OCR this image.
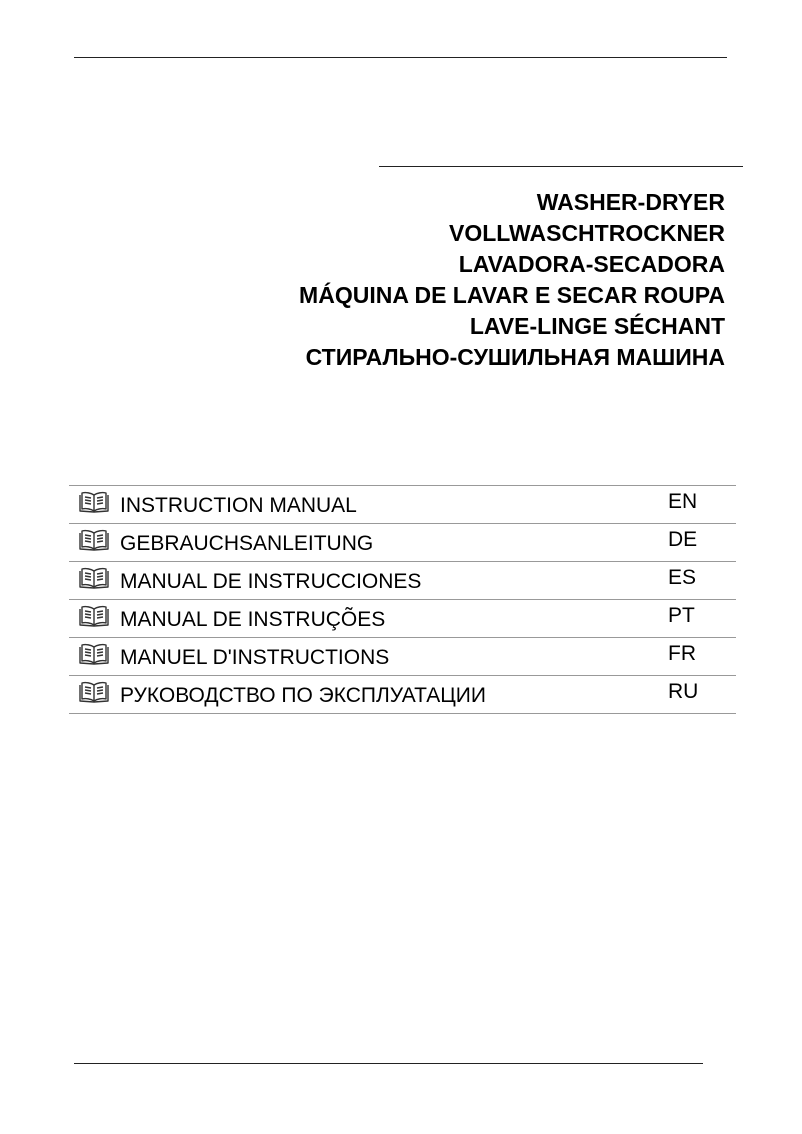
WASHER-DRYER
VOLLWASCHTROCKNER
LAVADORA-SECADORA
MÁQUINA DE LAVAR E SECAR ROUPA
LAVE-LINGE SÉCHANT
СТИРАЛЬНО-СУШИЛЬНАЯ МАШИНА
INSTRUCTION MANUAL	EN
GEBRAUCHSANLEITUNG	DE
MANUAL DE INSTRUCCIONES	ES
MANUAL DE INSTRUÇÕES	PT
MANUEL D'INSTRUCTIONS	FR
РУКОВОДСТВО ПО ЭКСПЛУАТАЦИИ	RU
